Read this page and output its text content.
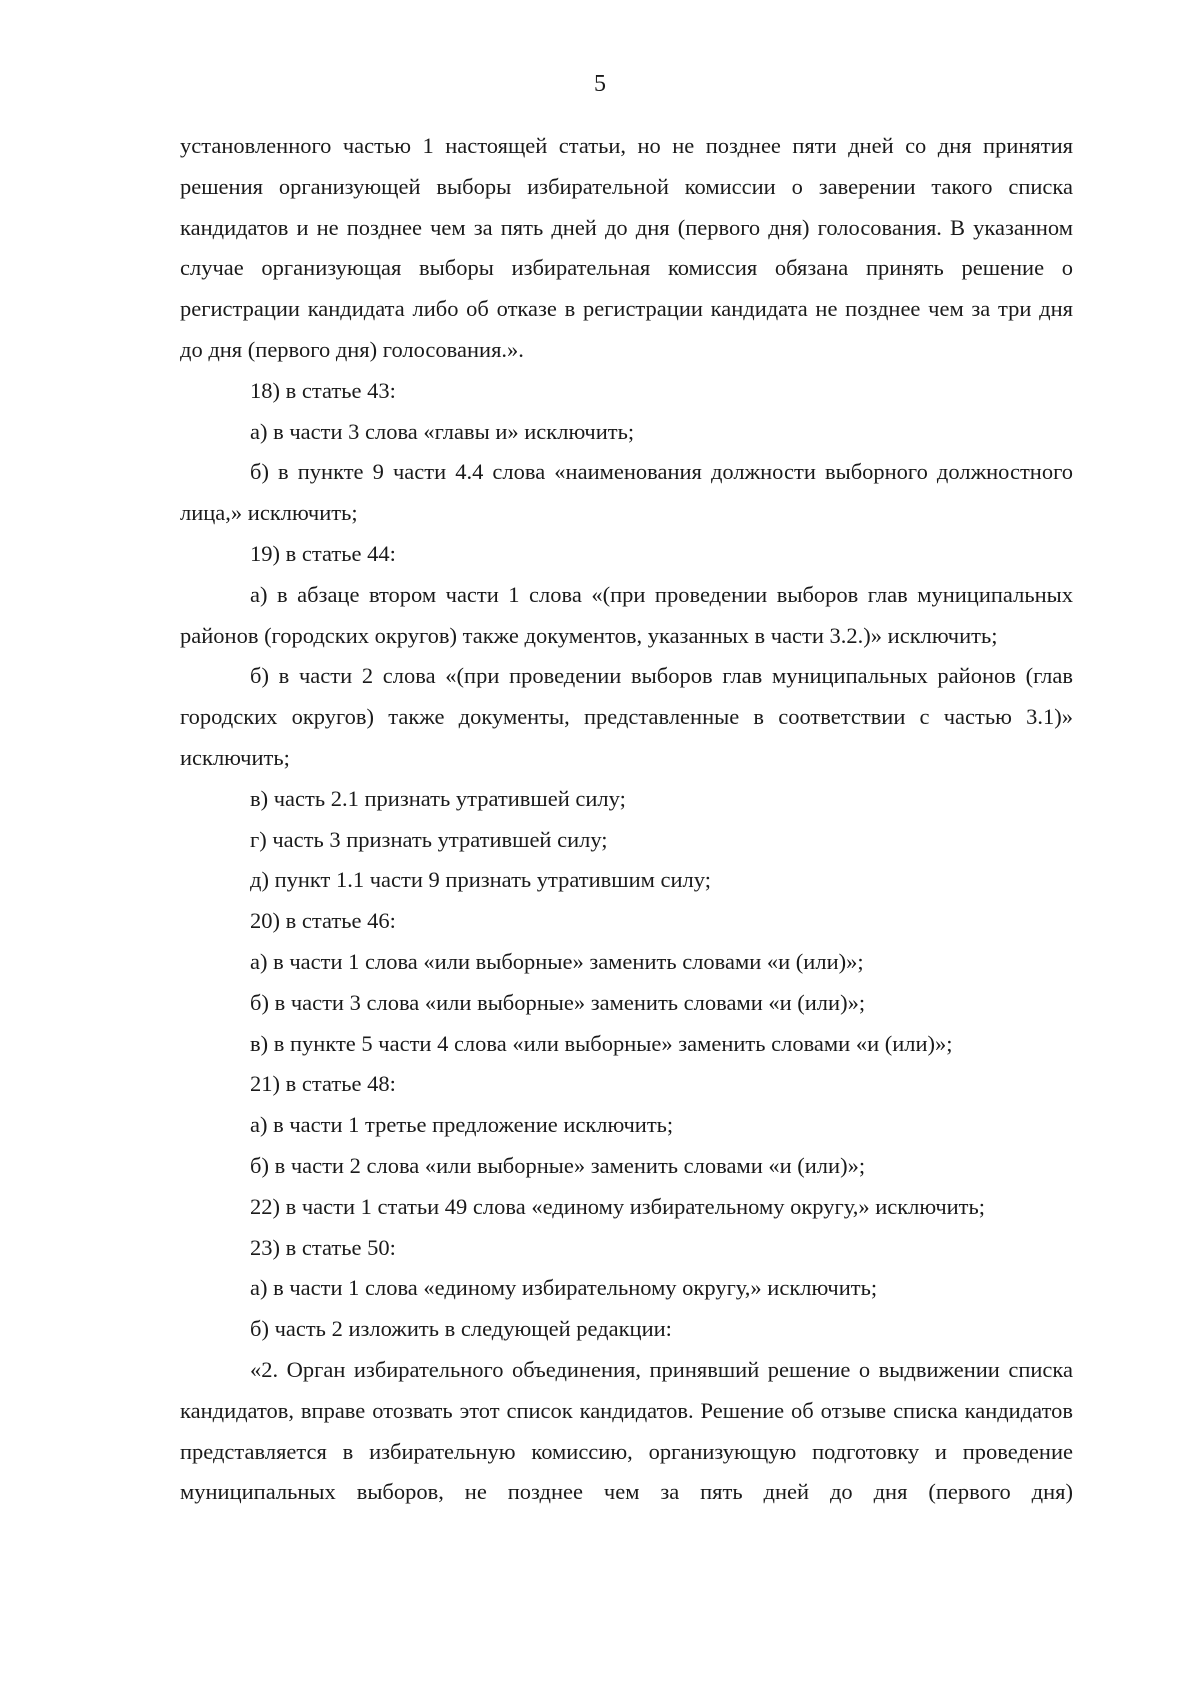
5

установленного частью 1 настоящей статьи, но не позднее пяти дней со дня принятия решения организующей выборы избирательной комиссии о заверении такого списка кандидатов и не позднее чем за пять дней до дня (первого дня) голосования. В указанном случае организующая выборы избирательная комиссия обязана принять решение о регистрации кандидата либо об отказе в регистрации кандидата не позднее чем за три дня до дня (первого дня) голосования.».

18) в статье 43:

а) в части 3 слова «главы и» исключить;

б) в пункте 9 части 4.4 слова «наименования должности выборного должностного лица,» исключить;

19) в статье 44:

а) в абзаце втором части 1 слова «(при проведении выборов глав муниципальных районов (городских округов) также документов, указанных в части 3.2.)» исключить;

б) в части 2 слова «(при проведении выборов глав муниципальных районов (глав городских округов) также документы, представленные в соответствии с частью 3.1)» исключить;

в) часть 2.1 признать утратившей силу;

г) часть 3 признать утратившей силу;

д) пункт 1.1 части 9 признать утратившим силу;

20) в статье 46:

а) в части 1 слова «или выборные» заменить словами «и (или)»;

б) в части 3 слова «или выборные» заменить словами «и (или)»;

в) в пункте 5 части 4 слова «или выборные» заменить словами «и (или)»;

21) в статье 48:

а) в части 1 третье предложение исключить;

б) в части 2 слова «или выборные» заменить словами «и (или)»;

22) в части 1 статьи 49 слова «единому избирательному округу,» исключить;

23) в статье 50:

а) в части 1 слова «единому избирательному округу,» исключить;

б) часть 2 изложить в следующей редакции:

«2. Орган избирательного объединения, принявший решение о выдвижении списка кандидатов, вправе отозвать этот список кандидатов. Решение об отзыве списка кандидатов представляется в избирательную комиссию, организующую подготовку и проведение муниципальных выборов, не позднее чем за пять дней до дня (первого дня)
